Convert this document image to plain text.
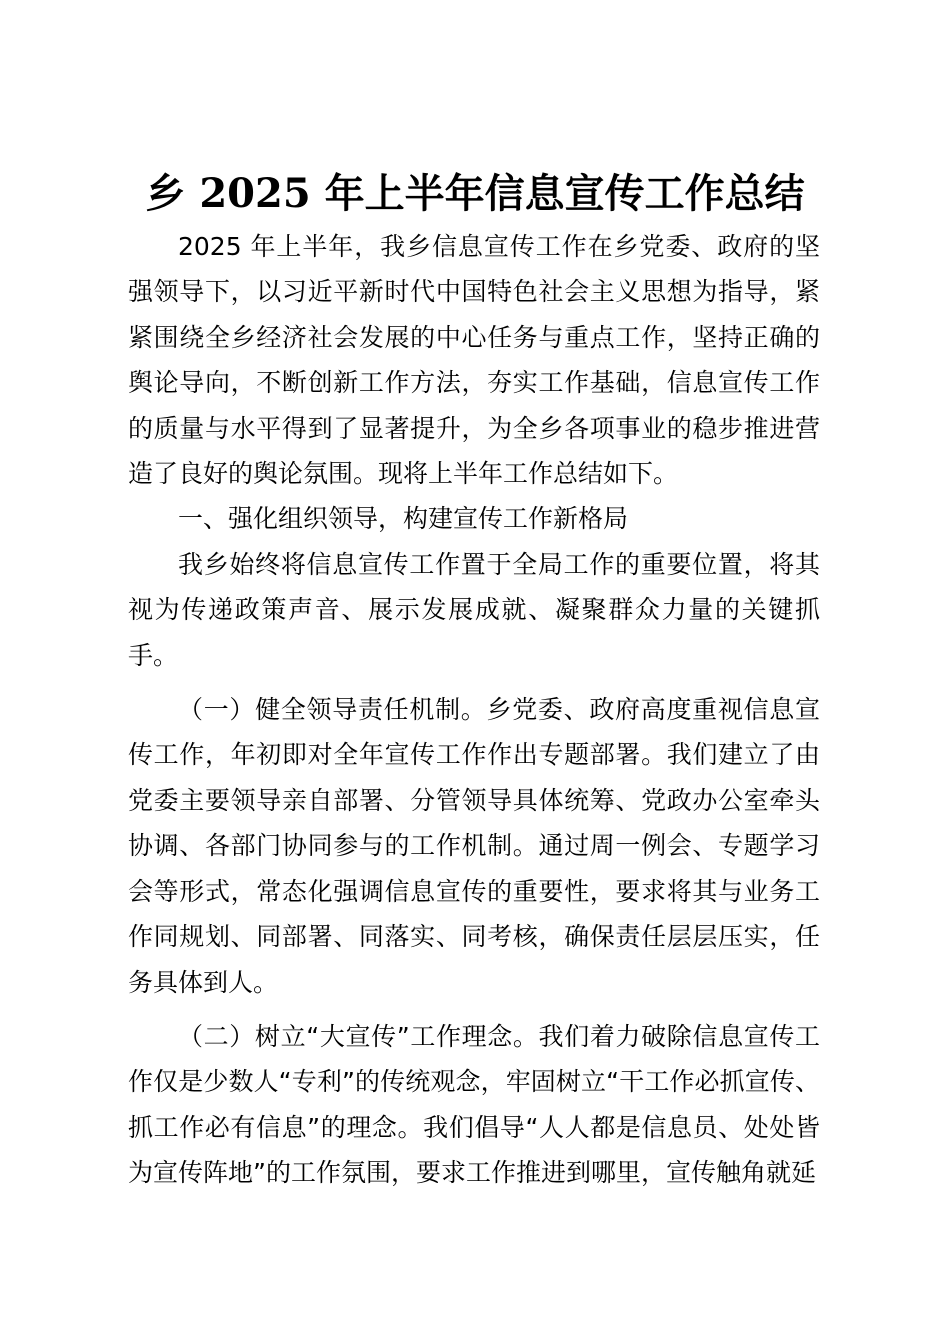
乡 2025 年上半年信息宣传工作总结

2025 年上半年，我乡信息宣传工作在乡党委、政府的坚强领导下，以习近平新时代中国特色社会主义思想为指导，紧紧围绕全乡经济社会发展的中心任务与重点工作，坚持正确的舆论导向，不断创新工作方法，夯实工作基础，信息宣传工作的质量与水平得到了显著提升，为全乡各项事业的稳步推进营造了良好的舆论氛围。现将上半年工作总结如下。

一、强化组织领导，构建宣传工作新格局

我乡始终将信息宣传工作置于全局工作的重要位置，将其视为传递政策声音、展示发展成就、凝聚群众力量的关键抓手。

（一）健全领导责任机制。乡党委、政府高度重视信息宣传工作，年初即对全年宣传工作作出专题部署。我们建立了由党委主要领导亲自部署、分管领导具体统筹、党政办公室牵头协调、各部门协同参与的工作机制。通过周一例会、专题学习会等形式，常态化强调信息宣传的重要性，要求将其与业务工作同规划、同部署、同落实、同考核，确保责任层层压实，任务具体到人。

（二）树立“大宣传”工作理念。我们着力破除信息宣传工作仅是少数人“专利”的传统观念，牢固树立“干工作必抓宣传、抓工作必有信息”的理念。我们倡导“人人都是信息员、处处皆为宣传阵地”的工作氛围，要求工作推进到哪里，宣传触角就延
